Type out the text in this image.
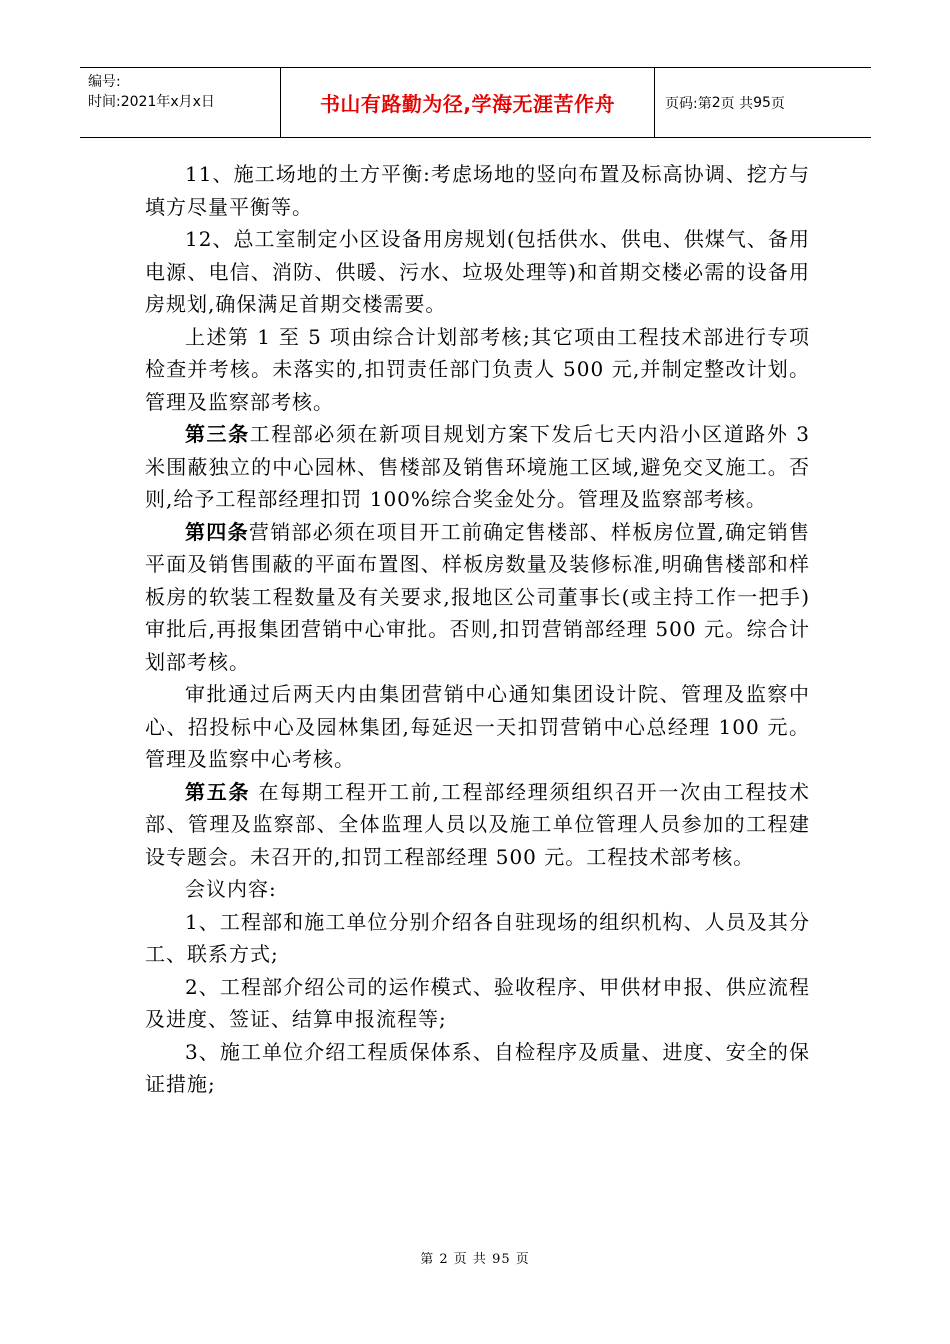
编号:
时间:2021年x月x日	书山有路勤为径,学海无涯苦作舟	页码:第 2 页 共 95 页

11、施工场地的土方平衡:考虑场地的竖向布置及标高协调、挖方与填方尽量平衡等。

12、总工室制定小区设备用房规划(包括供水、供电、供煤气、备用电源、电信、消防、供暖、污水、垃圾处理等)和首期交楼必需的设备用房规划,确保满足首期交楼需要。

上述第 1 至 5 项由综合计划部考核;其它项由工程技术部进行专项检查并考核。未落实的,扣罚责任部门负责人 500 元,并制定整改计划。管理及监察部考核。

第三条工程部必须在新项目规划方案下发后七天内沿小区道路外 3 米围蔽独立的中心园林、售楼部及销售环境施工区域,避免交叉施工。否则,给予工程部经理扣罚 100%综合奖金处分。管理及监察部考核。

第四条营销部必须在项目开工前确定售楼部、样板房位置,确定销售平面及销售围蔽的平面布置图、样板房数量及装修标准,明确售楼部和样板房的软装工程数量及有关要求,报地区公司董事长(或主持工作一把手)审批后,再报集团营销中心审批。否则,扣罚营销部经理 500 元。综合计划部考核。

审批通过后两天内由集团营销中心通知集团设计院、管理及监察中心、招投标中心及园林集团,每延迟一天扣罚营销中心总经理 100 元。管理及监察中心考核。

第五条 在每期工程开工前,工程部经理须组织召开一次由工程技术部、管理及监察部、全体监理人员以及施工单位管理人员参加的工程建设专题会。未召开的,扣罚工程部经理 500 元。工程技术部考核。

会议内容:

1、工程部和施工单位分别介绍各自驻现场的组织机构、人员及其分工、联系方式;

2、工程部介绍公司的运作模式、验收程序、甲供材申报、供应流程及进度、签证、结算申报流程等;

3、施工单位介绍工程质保体系、自检程序及质量、进度、安全的保证措施;

第 2 页 共 95 页
